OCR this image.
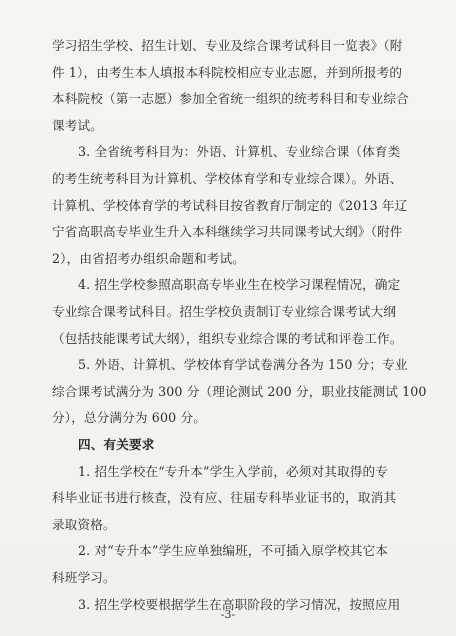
学习招生学校、招生计划、专业及综合课考试科目一览表》（附
件 1），由考生本人填报本科院校相应专业志愿，并到所报考的
本科院校（第一志愿）参加全省统一组织的统考科目和专业综合
课考试。
3. 全省统考科目为：外语、计算机、专业综合课（体育类
的考生统考科目为计算机、学校体育学和专业综合课）。外语、
计算机、学校体育学的考试科目按省教育厅制定的《2013 年辽
宁省高职高专毕业生升入本科继续学习共同课考试大纲》（附件
2），由省招考办组织命题和考试。
4. 招生学校参照高职高专毕业生在校学习课程情况，确定
专业综合课考试科目。招生学校负责制订专业综合课考试大纲
（包括技能课考试大纲），组织专业综合课的考试和评卷工作。
5. 外语、计算机、学校体育学试卷满分各为 150 分；专业
综合课考试满分为 300 分（理论测试 200 分，职业技能测试 100
分），总分满分为 600 分。
四、有关要求
1. 招生学校在“专升本”学生入学前，必须对其取得的专
科毕业证书进行核查，没有应、往届专科毕业证书的，取消其
录取资格。
2. 对“专升本”学生应单独编班，不可插入原学校其它本
科班学习。
3. 招生学校要根据学生在高职阶段的学习情况，按照应用
-3-
